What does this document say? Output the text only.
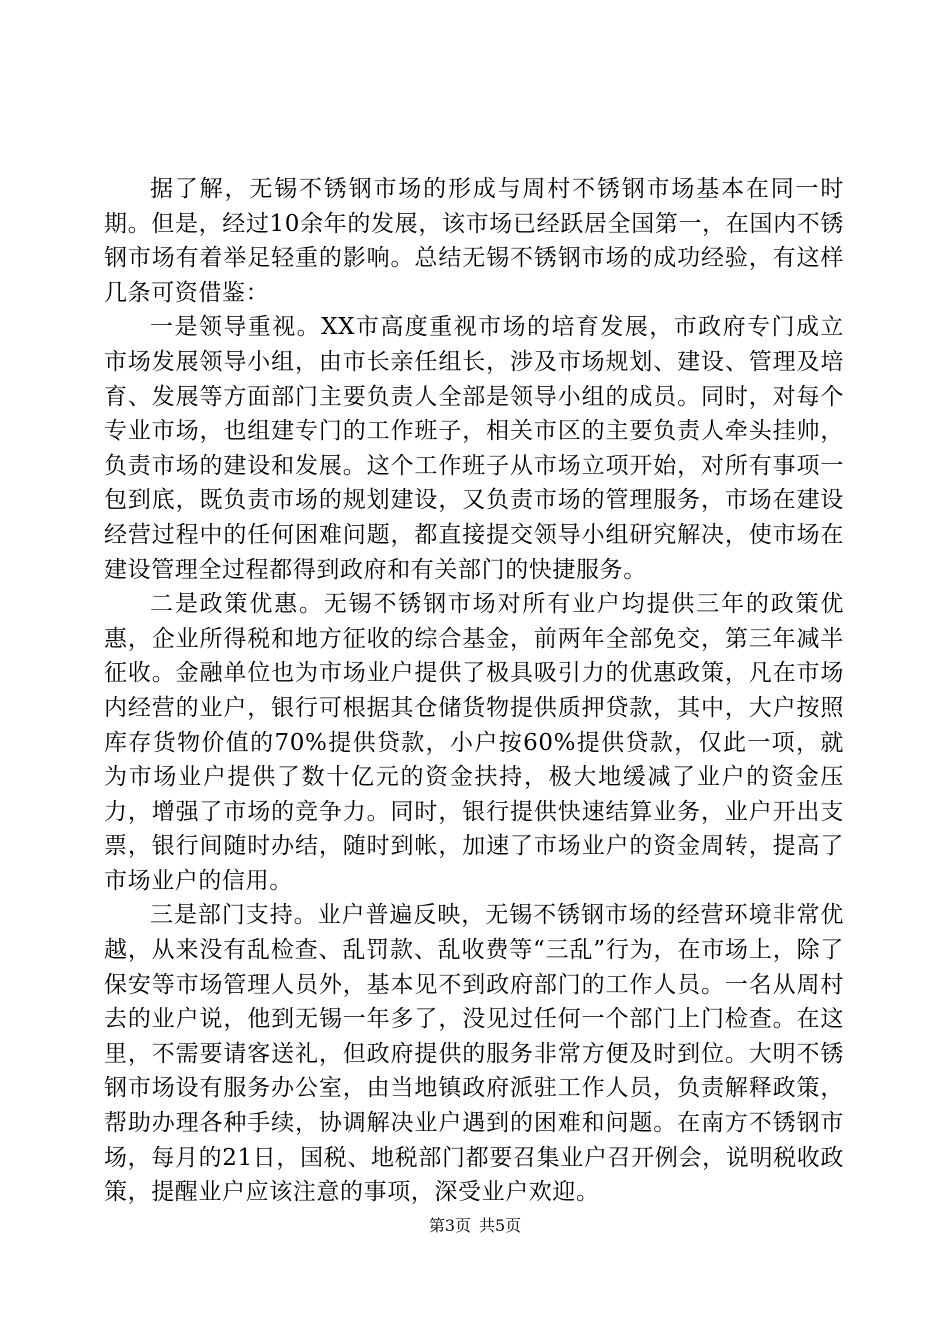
据了解，无锡不锈钢市场的形成与周村不锈钢市场基本在同一时期。但是，经过10余年的发展，该市场已经跃居全国第一，在国内不锈钢市场有着举足轻重的影响。总结无锡不锈钢市场的成功经验，有这样几条可资借鉴：

一是领导重视。XX市高度重视市场的培育发展，市政府专门成立市场发展领导小组，由市长亲任组长，涉及市场规划、建设、管理及培育、发展等方面部门主要负责人全部是领导小组的成员。同时，对每个专业市场，也组建专门的工作班子，相关市区的主要负责人牵头挂帅，负责市场的建设和发展。这个工作班子从市场立项开始，对所有事项一包到底，既负责市场的规划建设，又负责市场的管理服务，市场在建设经营过程中的任何困难问题，都直接提交领导小组研究解决，使市场在建设管理全过程都得到政府和有关部门的快捷服务。

二是政策优惠。无锡不锈钢市场对所有业户均提供三年的政策优惠，企业所得税和地方征收的综合基金，前两年全部免交，第三年减半征收。金融单位也为市场业户提供了极具吸引力的优惠政策，凡在市场内经营的业户，银行可根据其仓储货物提供质押贷款，其中，大户按照库存货物价值的70%提供贷款，小户按60%提供贷款，仅此一项，就为市场业户提供了数十亿元的资金扶持，极大地缓减了业户的资金压力，增强了市场的竞争力。同时，银行提供快速结算业务，业户开出支票，银行间随时办结，随时到帐，加速了市场业户的资金周转，提高了市场业户的信用。

三是部门支持。业户普遍反映，无锡不锈钢市场的经营环境非常优越，从来没有乱检查、乱罚款、乱收费等“三乱”行为，在市场上，除了保安等市场管理人员外，基本见不到政府部门的工作人员。一名从周村去的业户说，他到无锡一年多了，没见过任何一个部门上门检查。在这里，不需要请客送礼，但政府提供的服务非常方便及时到位。大明不锈钢市场设有服务办公室，由当地镇政府派驻工作人员，负责解释政策，帮助办理各种手续，协调解决业户遇到的困难和问题。在南方不锈钢市场，每月的21日，国税、地税部门都要召集业户召开例会，说明税收政策，提醒业户应该注意的事项，深受业户欢迎。

第3页 共5页
